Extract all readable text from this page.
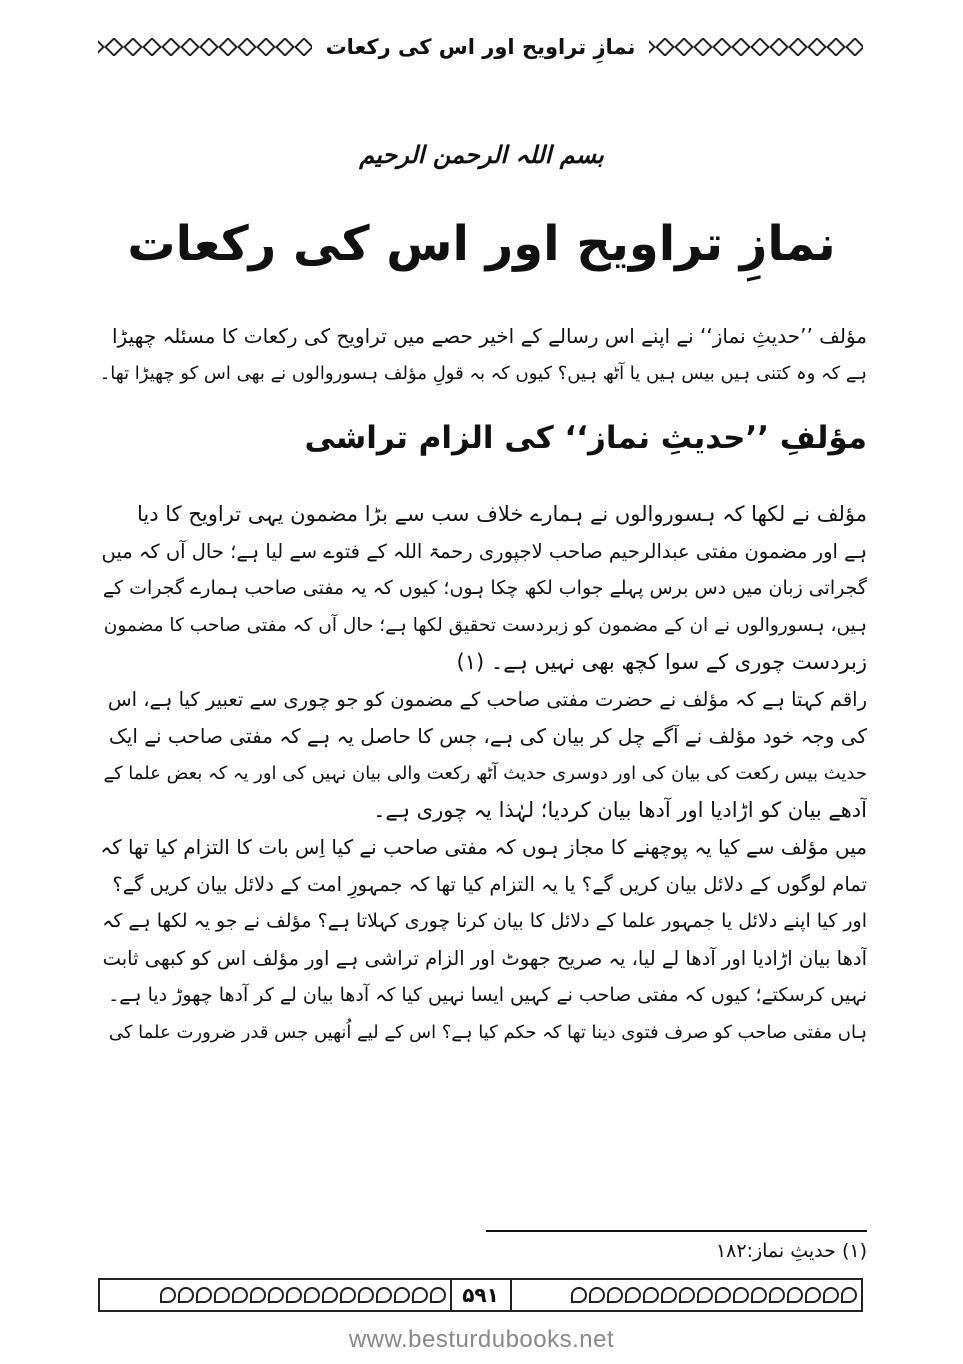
نمازِ تراویح اور اس کی رکعات
بسم اللہ الرحمن الرحیم
نمازِ تراویح اور اس کی رکعات
مؤلف ’’حدیثِ نماز‘‘ نے اپنے اس رسالے کے اخیر حصے میں تراویح کی رکعات کا مسئلہ چھیڑا
ہے کہ وہ کتنی ہیں بیس ہیں یا آٹھ ہیں؟ کیوں کہ بہ قولِ مؤلف ہسوروالوں نے بھی اس کو چھیڑا تھا۔
مؤلفِ ’’حدیثِ نماز‘‘ کی الزام تراشی
مؤلف نے لکھا کہ ہسوروالوں نے ہمارے خلاف سب سے بڑا مضمون یہی تراویح کا دیا
ہے اور مضمون مفتی عبدالرحیم صاحب لاجپوری رحمۃ اللہ کے فتوے سے لیا ہے؛ حال آں کہ میں
گجراتی زبان میں دس برس پہلے جواب لکھ چکا ہوں؛ کیوں کہ یہ مفتی صاحب ہمارے گجرات کے
ہیں، ہسوروالوں نے ان کے مضمون کو زبردست تحقیق لکھا ہے؛ حال آں کہ مفتی صاحب کا مضمون
زبردست چوری کے سوا کچھ بھی نہیں ہے۔ (۱)
راقم کہتا ہے کہ مؤلف نے حضرت مفتی صاحب کے مضمون کو جو چوری سے تعبیر کیا ہے، اس
کی وجہ خود مؤلف نے آگے چل کر بیان کی ہے، جس کا حاصل یہ ہے کہ مفتی صاحب نے ایک
حدیث بیس رکعت کی بیان کی اور دوسری حدیث آٹھ رکعت والی بیان نہیں کی اور یہ کہ بعض علما کے
آدھے بیان کو اڑادیا اور آدھا بیان کردیا؛ لہٰذا یہ چوری ہے۔
میں مؤلف سے کیا یہ پوچھنے کا مجاز ہوں کہ مفتی صاحب نے کیا اِس بات کا التزام کیا تھا کہ
تمام لوگوں کے دلائل بیان کریں گے؟ یا یہ التزام کیا تھا کہ جمہورِ امت کے دلائل بیان کریں گے؟
اور کیا اپنے دلائل یا جمہور علما کے دلائل کا بیان کرنا چوری کہلاتا ہے؟ مؤلف نے جو یہ لکھا ہے کہ
آدھا بیان اڑادیا اور آدھا لے لیا، یہ صریح جھوٹ اور الزام تراشی ہے اور مؤلف اس کو کبھی ثابت
نہیں کرسکتے؛ کیوں کہ مفتی صاحب نے کہیں ایسا نہیں کیا کہ آدھا بیان لے کر آدھا چھوڑ دیا ہے۔
ہاں مفتی صاحب کو صرف فتوی دینا تھا کہ حکم کیا ہے؟ اس کے لیے اُنھیں جس قدر ضرورت علما کی
(۱) حدیثِ نماز:۱۸۲
۵۹۱
www.besturdubooks.net
